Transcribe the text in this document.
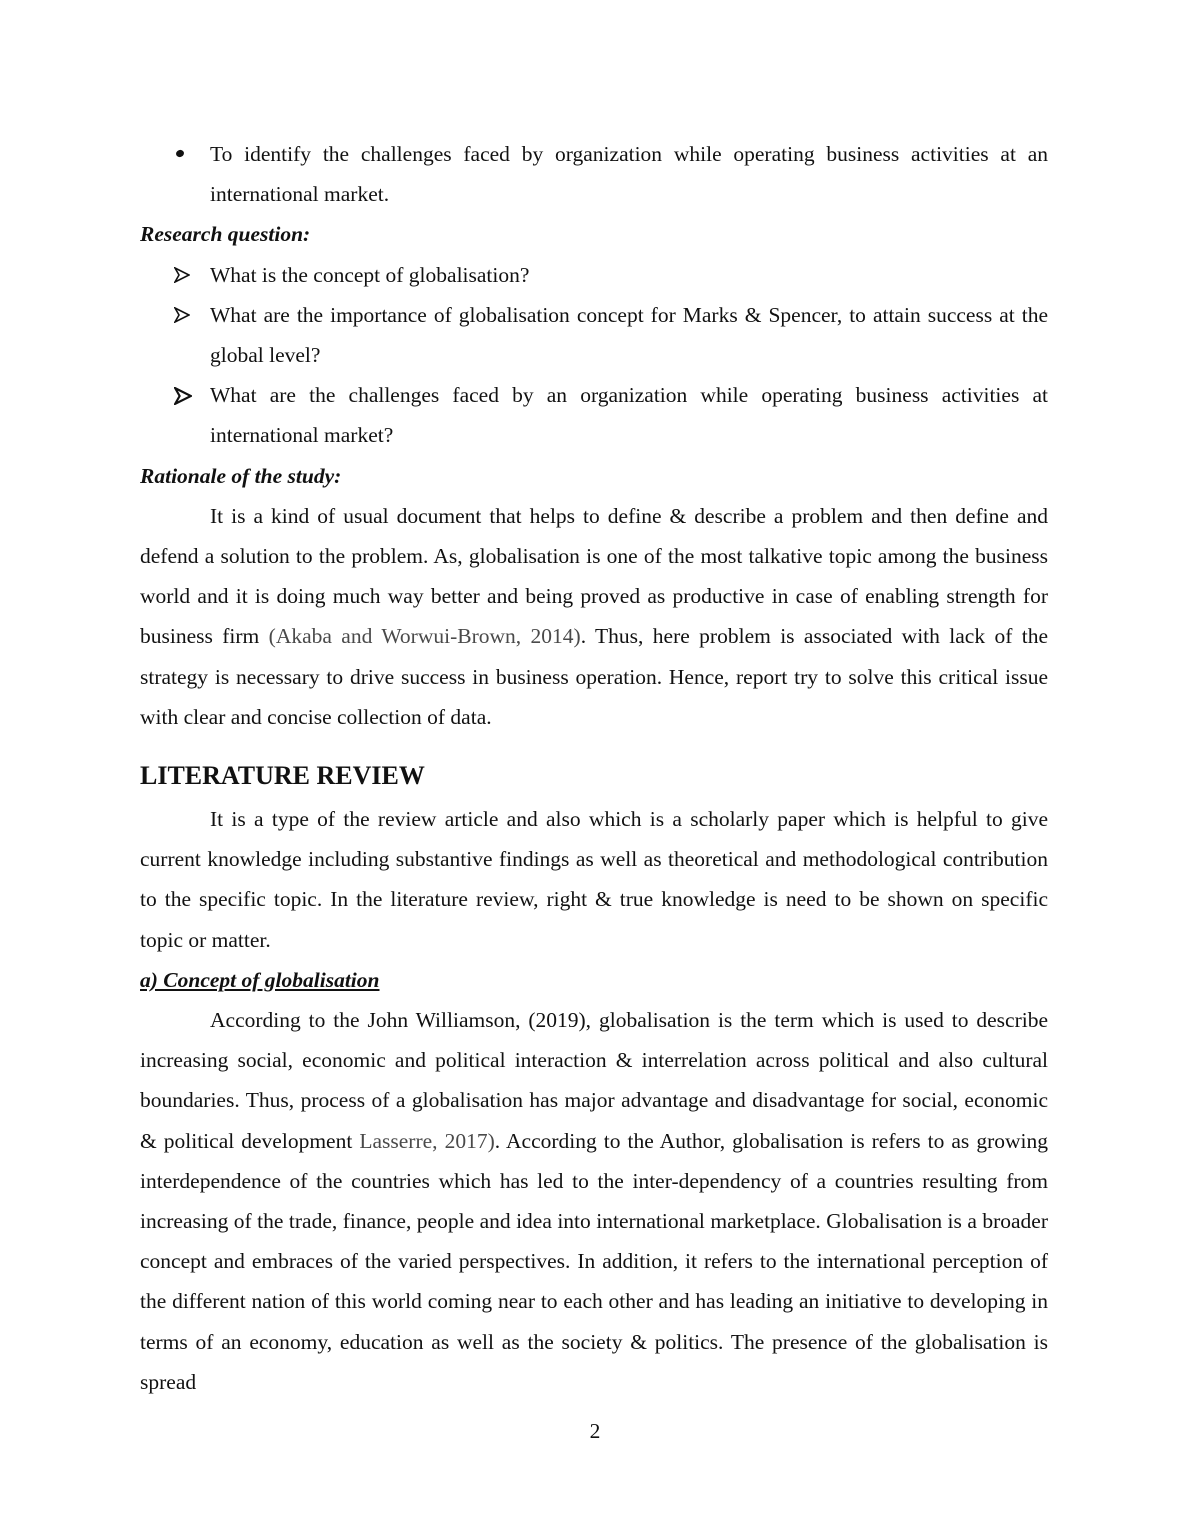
To identify the challenges faced by organization while operating business activities at an international market.

Research question:

What is the concept of globalisation?
What are the importance of globalisation concept for Marks & Spencer, to attain success at the global level?
What are the challenges faced by an organization while operating business activities at international market?

Rationale of the study:

It is a kind of usual document that helps to define & describe a problem and then define and defend a solution to the problem. As, globalisation is one of the most talkative topic among the business world and it is doing much way better and being proved as productive in case of enabling strength for business firm (Akaba and Worwui-Brown, 2014). Thus, here problem is associated with lack of the strategy is necessary to drive success in business operation. Hence, report try to solve this critical issue with clear and concise collection of data.

LITERATURE REVIEW

It is a type of the review article and also which is a scholarly paper which is helpful to give current knowledge including substantive findings as well as theoretical and methodological contribution to the specific topic. In the literature review, right & true knowledge is need to be shown on specific topic or matter.

a) Concept of globalisation

According to the John Williamson, (2019), globalisation is the term which is used to describe increasing social, economic and political interaction & interrelation across political and also cultural boundaries. Thus, process of a globalisation has major advantage and disadvantage for social, economic & political development Lasserre, 2017). According to the Author, globalisation is refers to as growing interdependence of the countries which has led to the inter-dependency of a countries resulting from increasing of the trade, finance, people and idea into international marketplace. Globalisation is a broader concept and embraces of the varied perspectives. In addition, it refers to the international perception of the different nation of this world coming near to each other and has leading an initiative to developing in terms of an economy, education as well as the society & politics. The presence of the globalisation is spread

2
